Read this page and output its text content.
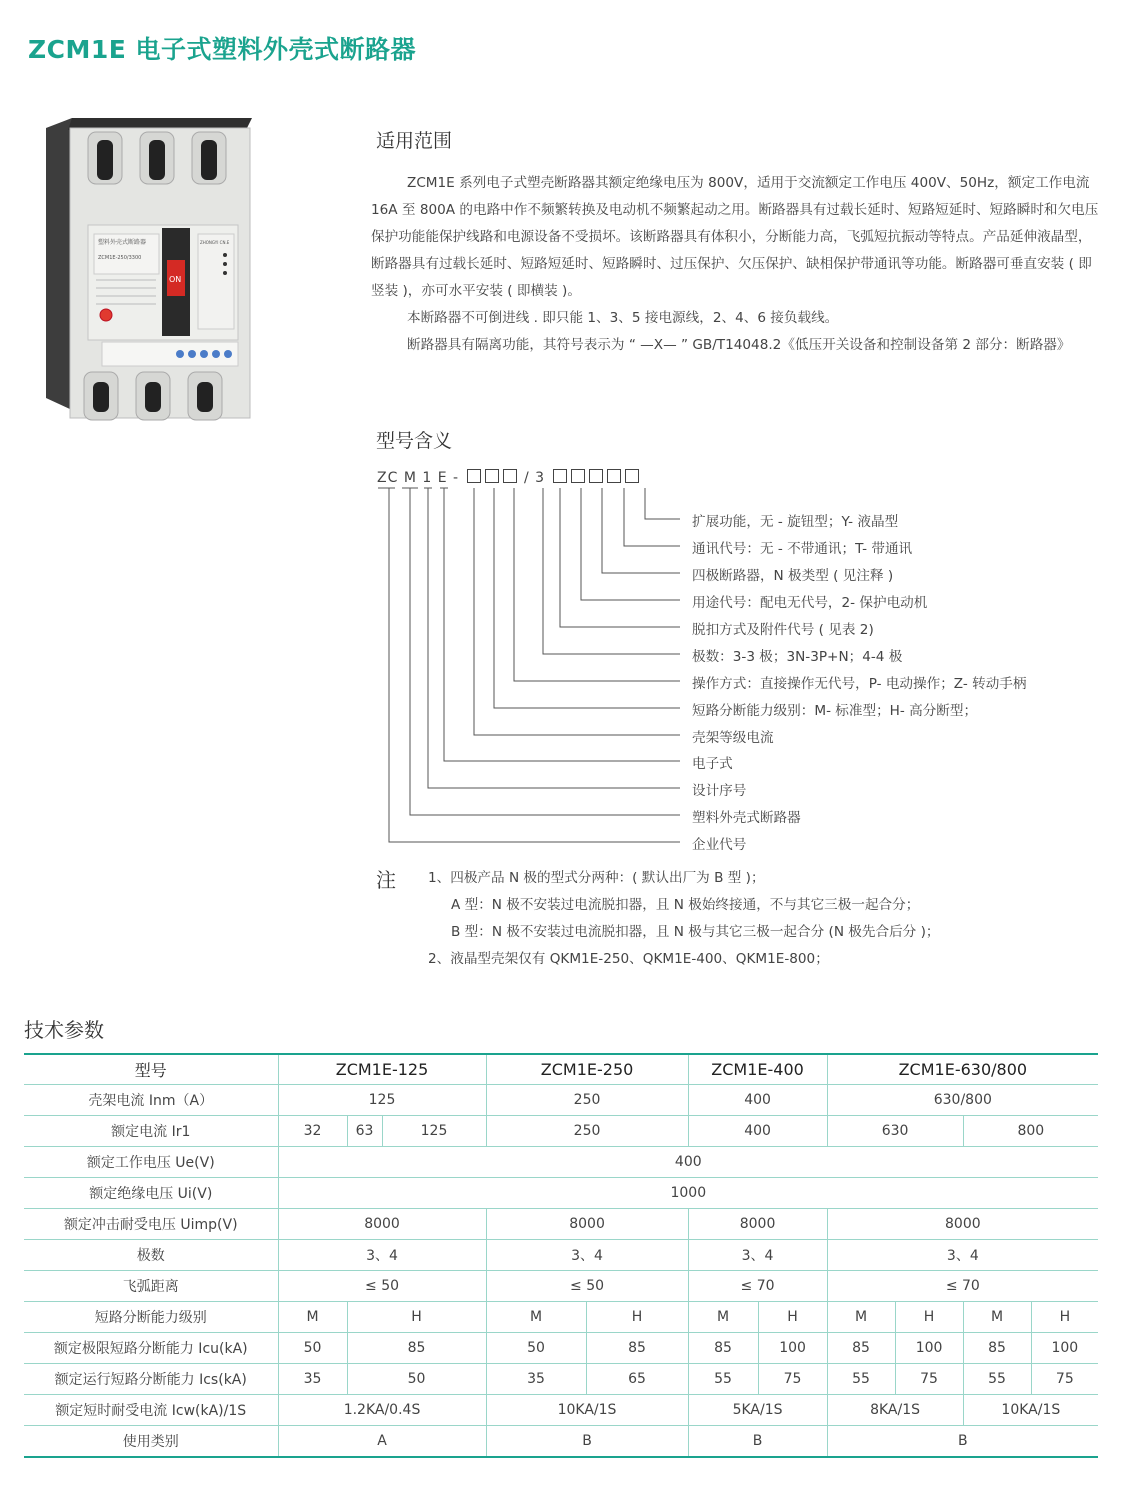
ZCM1E 电子式塑料外壳式断路器
塑料外壳式断路器
ZCM1E-250/3300
ON
ZHONGYI CN.E
适用范围

ZCM1E 系列电子式塑壳断路器其额定绝缘电压为 800V，适用于交流额定工作电压 400V、50Hz，额定工作电流 16A 至 800A 的电路中作不频繁转换及电动机不频繁起动之用。断路器具有过载长延时、短路短延时、短路瞬时和欠电压保护功能能保护线路和电源设备不受损坏。该断路器具有体积小，分断能力高，飞弧短抗振动等特点。产品延伸液晶型，断路器具有过载长延时、短路短延时、短路瞬时、过压保护、欠压保护、缺相保护带通讯等功能。断路器可垂直安装 ( 即竖装 )，亦可水平安装 ( 即横装 )。

本断路器不可倒进线 . 即只能 1、3、5 接电源线，2、4、6 接负载线。

断路器具有隔离功能，其符号表示为 “ —X— ” GB/T14048.2《低压开关设备和控制设备第 2 部分：断路器》

型号含义
ZC M 1 E -	/ 3
扩展功能，无 - 旋钮型；Y- 液晶型
通讯代号：无 - 不带通讯；T- 带通讯
四极断路器，N 极类型 ( 见注释 )
用途代号：配电无代号，2- 保护电动机
脱扣方式及附件代号 ( 见表 2)
极数：3-3 极；3N-3P+N；4-4 极
操作方式：直接操作无代号，P- 电动操作；Z- 转动手柄
短路分断能力级别：M- 标准型；H- 高分断型；
壳架等级电流
电子式
设计序号
塑料外壳式断路器
企业代号
注 1、四极产品 N 极的型式分两种：( 默认出厂为 B 型 )；
A 型：N 极不安装过电流脱扣器，且 N 极始终接通，不与其它三极一起合分；
B 型：N 极不安装过电流脱扣器，且 N 极与其它三极一起合分 (N 极先合后分 )；
2、液晶型壳架仅有 QKM1E-250、QKM1E-400、QKM1E-800；
技术参数
型号	ZCM1E-125			ZCM1E-250		ZCM1E-400		ZCM1E-630/800			
壳架电流 Inm（A）	125			250		400		630/800			
额定电流 Ir1	32	63	125	250		400		630		800	
额定工作电压 Ue(V)	400										
额定绝缘电压 Ui(V)	1000										
额定冲击耐受电压 Uimp(V)	8000			8000		8000		8000			
极数	3、4			3、4		3、4		3、4			
飞弧距离	≤ 50			≤ 50		≤ 70		≤ 70			
短路分断能力级别	M	H		M	H	M	H	M	H	M	H
额定极限短路分断能力 Icu(kA)	50	85		50	85	85	100	85	100	85	100
额定运行短路分断能力 Ics(kA)	35	50		35	65	55	75	55	75	55	75
额定短时耐受电流 Icw(kA)/1S	1.2KA/0.4S			10KA/1S		5KA/1S		8KA/1S		10KA/1S	
使用类别	A			B		B		B			
